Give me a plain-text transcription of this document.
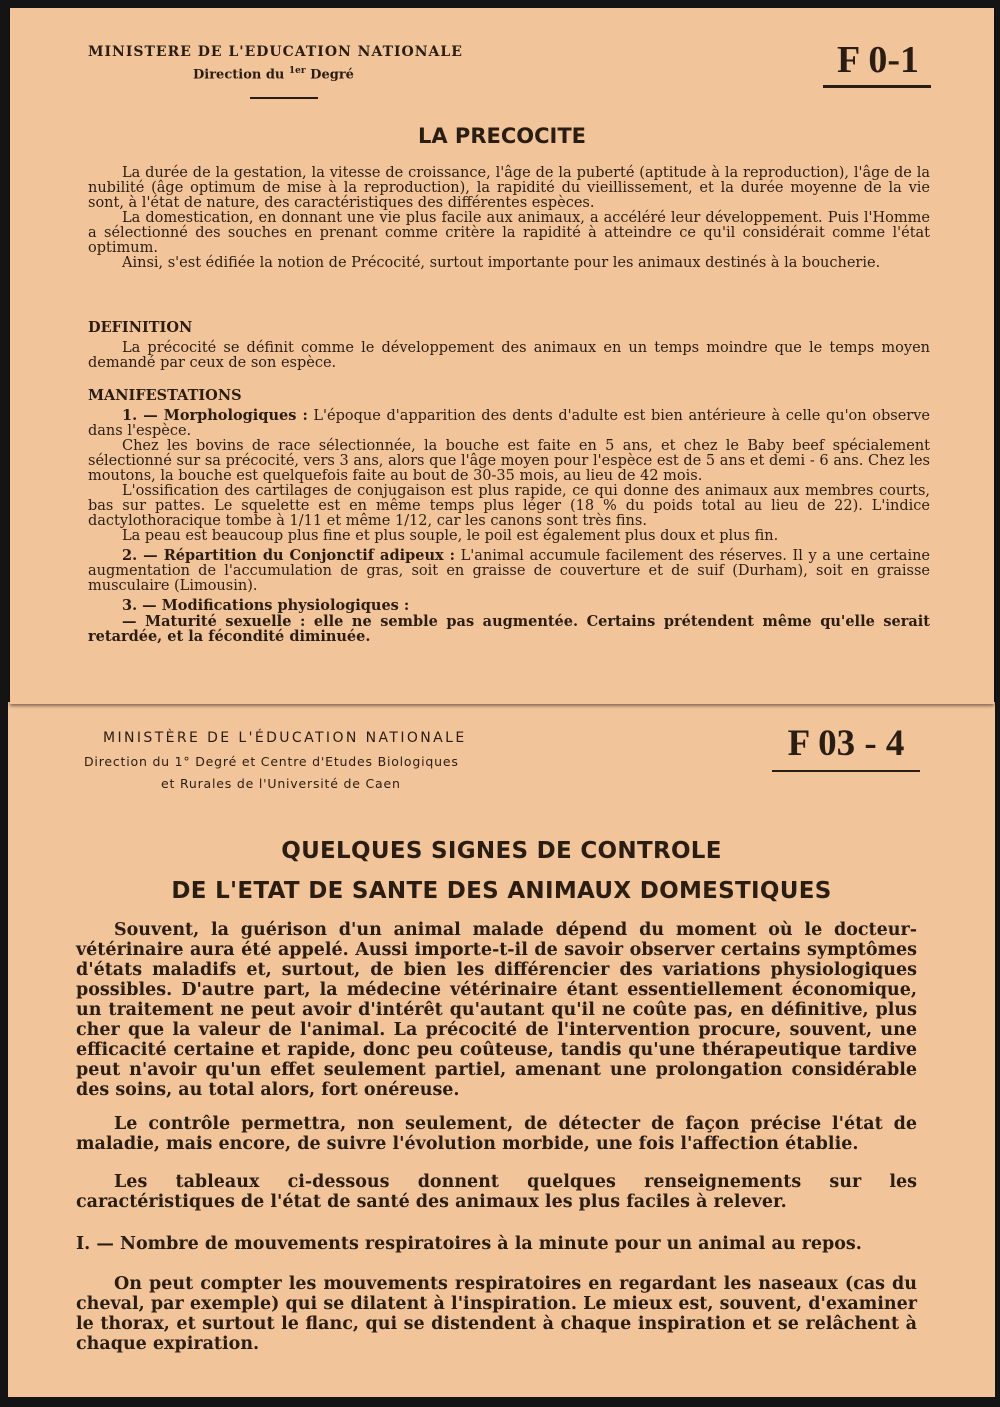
MINISTERE DE L'EDUCATION NATIONALE
Direction du $^{1er}$ Degré	F 0-1
LA PRECOCITE

La durée de la gestation, la vitesse de croissance, l'âge de la puberté (aptitude à la reproduction), l'âge de la nubilité (âge optimum de mise à la reproduction), la rapidité du vieillissement, et la durée moyenne de la vie sont, à l'état de nature, des caractéristiques des différentes espèces.

La domestication, en donnant une vie plus facile aux animaux, a accéléré leur développement. Puis l'Homme a sélectionné des souches en prenant comme critère la rapidité à atteindre ce qu'il considérait comme l'état optimum.

Ainsi, s'est édifiée la notion de Précocité, surtout importante pour les animaux destinés à la boucherie.

DEFINITION

La précocité se définit comme le développement des animaux en un temps moindre que le temps moyen demandé par ceux de son espèce.

MANIFESTATIONS

1. — Morphologiques : L'époque d'apparition des dents d'adulte est bien antérieure à celle qu'on observe dans l'espèce.

Chez les bovins de race sélectionnée, la bouche est faite en 5 ans, et chez le Baby beef spécialement sélectionné sur sa précocité, vers 3 ans, alors que l'âge moyen pour l'espèce est de 5 ans et demi - 6 ans. Chez les moutons, la bouche est quelquefois faite au bout de 30-35 mois, au lieu de 42 mois.

L'ossification des cartilages de conjugaison est plus rapide, ce qui donne des animaux aux membres courts, bas sur pattes. Le squelette est en même temps plus léger (18 % du poids total au lieu de 22). L'indice dactylothoracique tombe à 1/11 et même 1/12, car les canons sont très fins.

La peau est beaucoup plus fine et plus souple, le poil est également plus doux et plus fin.

2. — Répartition du Conjonctif adipeux : L'animal accumule facilement des réserves. Il y a une certaine augmentation de l'accumulation de gras, soit en graisse de couverture et de suif (Durham), soit en graisse musculaire (Limousin).

3. — Modifications physiologiques :

— Maturité sexuelle : elle ne semble pas augmentée. Certains prétendent même qu'elle serait retardée, et la fécondité diminuée.

MINISTÈRE DE L'ÉDUCATION NATIONALE
Direction du 1° Degré et Centre d'Etudes Biologiques
et Rurales de l'Université de Caen
F 03 - 4
QUELQUES SIGNES DE CONTROLE
DE L'ETAT DE SANTE DES ANIMAUX DOMESTIQUES

Souvent, la guérison d'un animal malade dépend du moment où le docteur-vétérinaire aura été appelé. Aussi importe-t-il de savoir observer certains symptômes d'états maladifs et, surtout, de bien les différencier des variations physiologiques possibles. D'autre part, la médecine vétérinaire étant essentiellement économique, un traitement ne peut avoir d'intérêt qu'autant qu'il ne coûte pas, en définitive, plus cher que la valeur de l'animal. La précocité de l'intervention procure, souvent, une efficacité certaine et rapide, donc peu coûteuse, tandis qu'une thérapeutique tardive peut n'avoir qu'un effet seulement partiel, amenant une prolongation considérable des soins, au total alors, fort onéreuse.

Le contrôle permettra, non seulement, de détecter de façon précise l'état de maladie, mais encore, de suivre l'évolution morbide, une fois l'affection établie.

Les tableaux ci-dessous donnent quelques renseignements sur les caractéristiques de l'état de santé des animaux les plus faciles à relever.

I. — Nombre de mouvements respiratoires à la minute pour un animal au repos.

On peut compter les mouvements respiratoires en regardant les naseaux (cas du cheval, par exemple) qui se dilatent à l'inspiration. Le mieux est, souvent, d'examiner le thorax, et surtout le flanc, qui se distendent à chaque inspiration et se relâchent à chaque expiration.
